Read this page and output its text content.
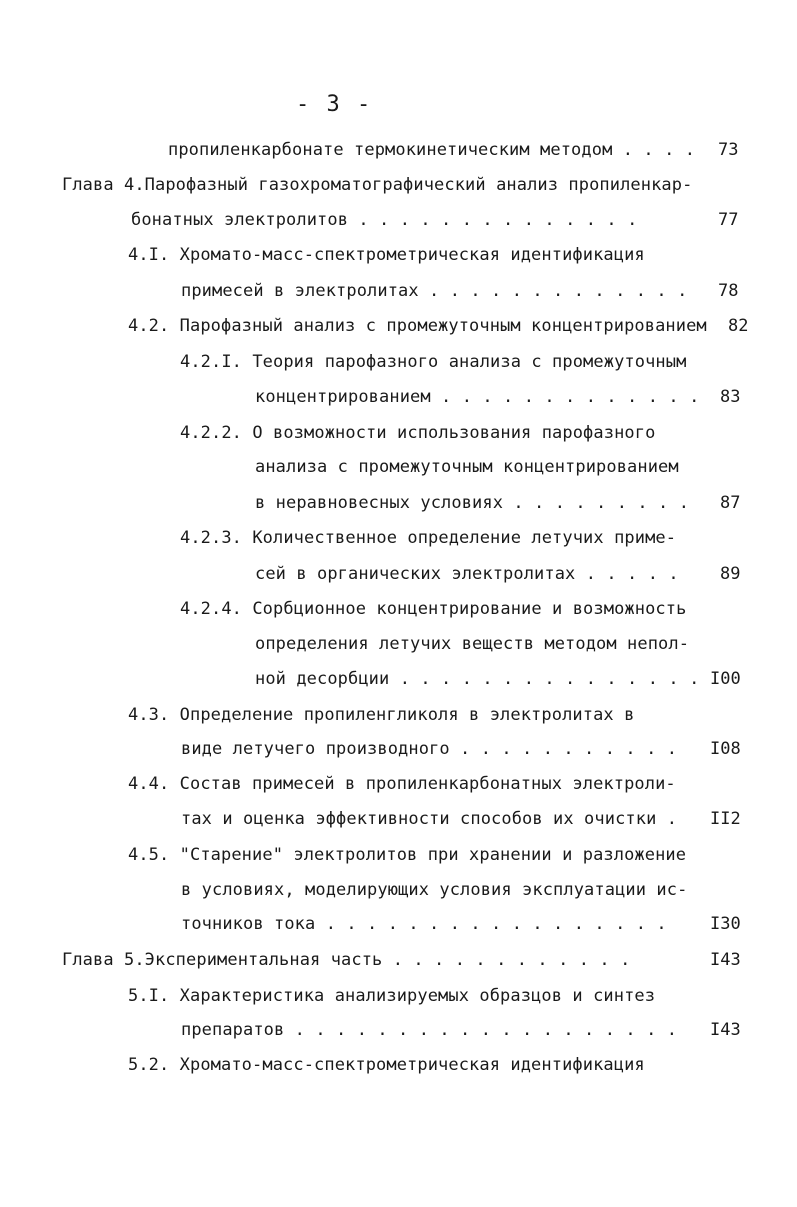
- 3 -
пропиленкарбонате термокинетическим методом . . . . 73
Глава 4.Парофазный газохроматографический анализ пропиленкар-
бонатных электролитов . . . . . . . . . . . . . .	77
4.I. Хромато-масс-спектрометрическая идентификация
примесей в электролитах . . . . . . . . . . . . . 78
4.2. Парофазный анализ с промежуточным концентрированием 82
4.2.I. Теория парофазного анализа с промежуточным
концентрированием . . . . . . . . . . . . . 83
4.2.2. О возможности использования парофазного
анализа с промежуточным концентрированием
в неравновесных условиях . . . . . . . . . 87
4.2.3. Количественное определение летучих приме-
сей в органических электролитах . . . . . 89
4.2.4. Сорбционное концентрирование и возможность
определения летучих веществ методом непол-
ной десорбции . . . . . . . . . . . . . . . I00
4.3. Определение пропиленгликоля в электролитах в
виде летучего производного . . . . . . . . . . . I08
4.4. Состав примесей в пропиленкарбонатных электроли-
тах и оценка эффективности способов их очистки . II2
4.5. "Старение" электролитов при хранении и разложение
в условиях, моделирующих условия эксплуатации ис-
точников тока . . . . . . . . . . . . . . . . .	I30
Глава 5.Экспериментальная часть . . . . . . . . . . . .	I43
5.I. Характеристика анализируемых образцов и синтез
препаратов . . . . . . . . . . . . . . . . . . . I43
5.2. Хромато-масс-спектрометрическая идентификация
